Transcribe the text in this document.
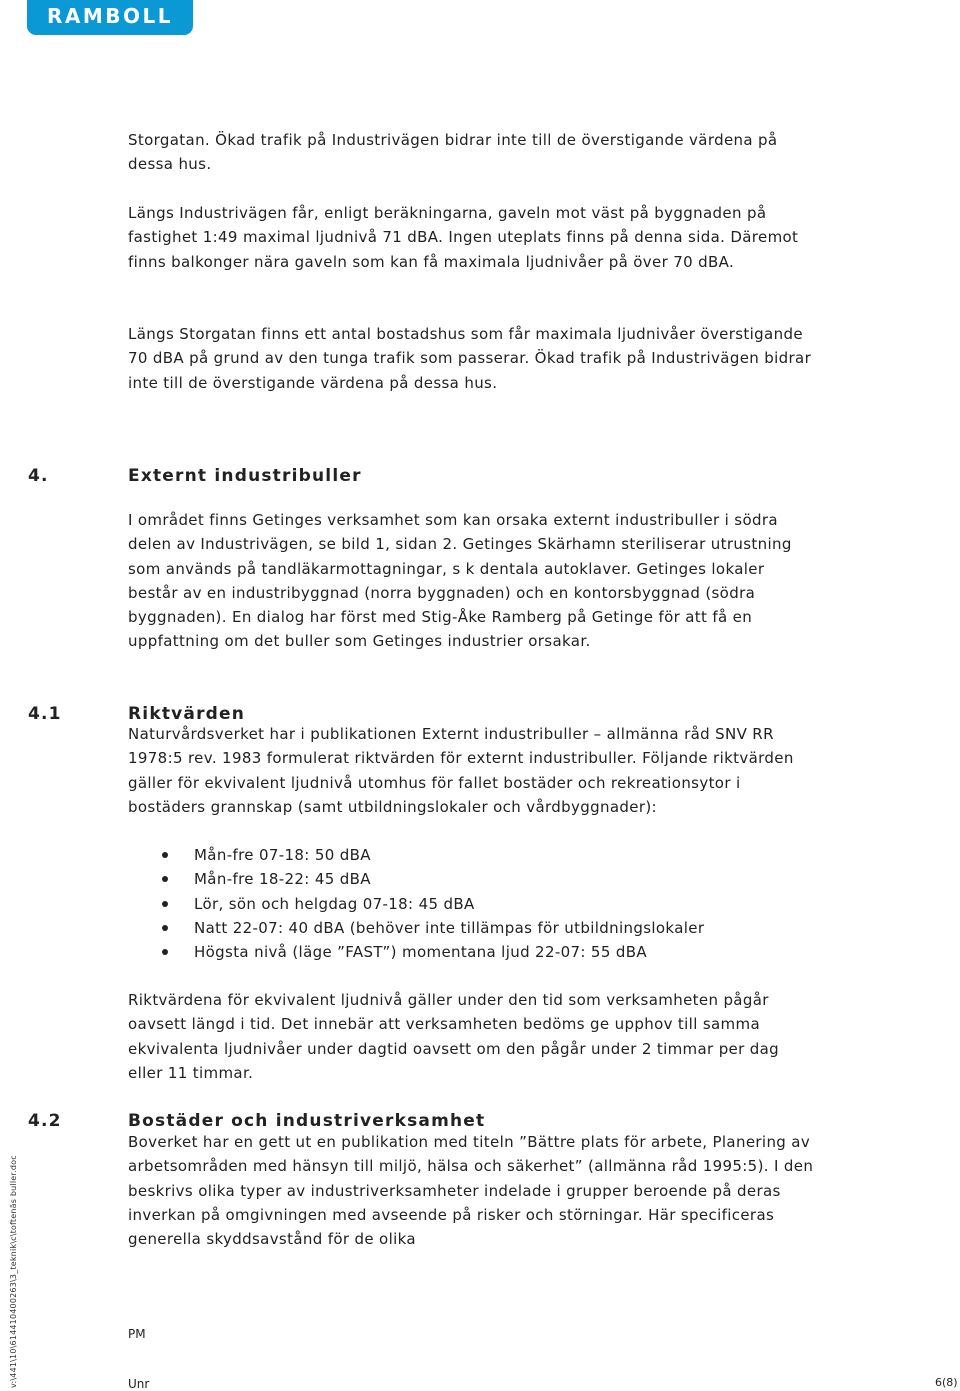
RAMBOLL

Storgatan. Ökad trafik på Industrivägen bidrar inte till de överstigande värdena på dessa hus.

Längs Industrivägen får, enligt beräkningarna, gaveln mot väst på byggnaden på fastighet 1:49 maximal ljudnivå 71 dBA. Ingen uteplats finns på denna sida. Däremot finns balkonger nära gaveln som kan få maximala ljudnivåer på över 70 dBA.

Längs Storgatan finns ett antal bostadshus som får maximala ljudnivåer överstigande 70 dBA på grund av den tunga trafik som passerar. Ökad trafik på Industrivägen bidrar inte till de överstigande värdena på dessa hus.

4.	Externt industribuller

I området finns Getinges verksamhet som kan orsaka externt industribuller i södra delen av Industrivägen, se bild 1, sidan 2. Getinges Skärhamn steriliserar utrustning som används på tandläkarmottagningar, s k dentala autoklaver. Getinges lokaler består av en industribyggnad (norra byggnaden) och en kontorsbyggnad (södra byggnaden). En dialog har först med Stig-Åke Ramberg på Getinge för att få en uppfattning om det buller som Getinges industrier orsakar.

4.1	Riktvärden

Naturvårdsverket har i publikationen Externt industribuller – allmänna råd SNV RR 1978:5 rev. 1983 formulerat riktvärden för externt industribuller. Följande riktvärden gäller för ekvivalent ljudnivå utomhus för fallet bostäder och rekreationsytor i bostäders grannskap (samt utbildningslokaler och vårdbyggnader):

Mån-fre 07-18: 50 dBA
Mån-fre 18-22: 45 dBA
Lör, sön och helgdag 07-18: 45 dBA
Natt 22-07: 40 dBA (behöver inte tillämpas för utbildningslokaler
Högsta nivå (läge ”FAST”) momentana ljud 22-07: 55 dBA

Riktvärdena för ekvivalent ljudnivå gäller under den tid som verksamheten pågår oavsett längd i tid. Det innebär att verksamheten bedöms ge upphov till samma ekvivalenta ljudnivåer under dagtid oavsett om den pågår under 2 timmar per dag eller 11 timmar.

4.2	Bostäder och industriverksamhet

Boverket har en gett ut en publikation med titeln ”Bättre plats för arbete, Planering av arbetsområden med hänsyn till miljö, hälsa och säkerhet” (allmänna råd 1995:5). I den beskrivs olika typer av industriverksamheter indelade i grupper beroende på deras inverkan på omgivningen med avseende på risker och störningar. Här specificeras generella skyddsavstånd för de olika

PM
Unr	6(8)
v:\441\10\614410400263\3_teknik\c\toftenäs buller.doc
